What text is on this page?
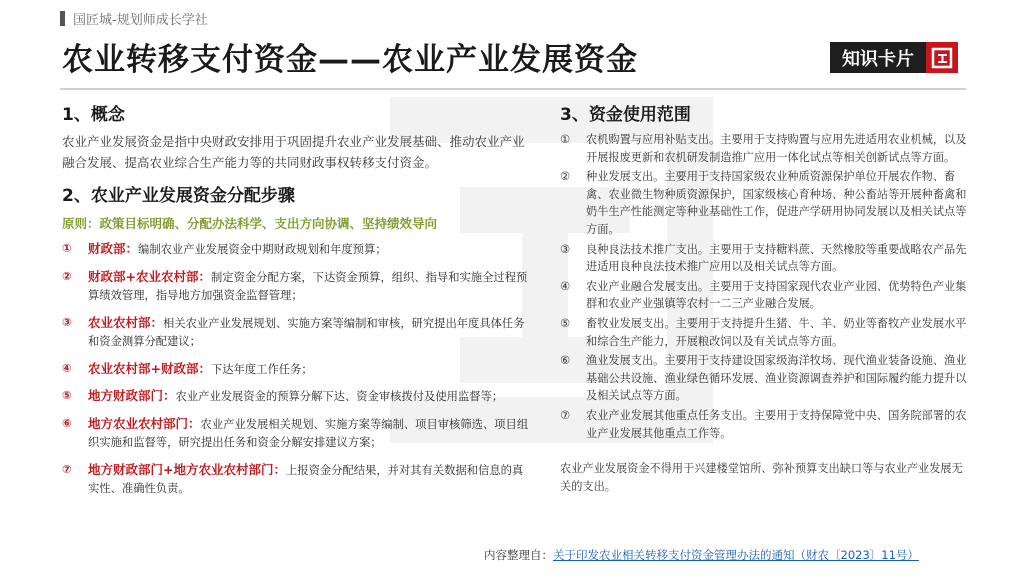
国匠城-规划师成长学社
农业转移支付资金——农业产业发展资金	知识卡片
1、概念

农业产业发展资金是指中央财政安排用于巩固提升农业产业发展基础、推动农业产业融合发展、提高农业综合生产能力等的共同财政事权转移支付资金。

2、农业产业发展资金分配步骤
原则：政策目标明确、分配办法科学、支出方向协调、坚持绩效导向
①	财政部：编制农业产业发展资金中期财政规划和年度预算；
②	财政部+农业农村部：制定资金分配方案，下达资金预算，组织、指导和实施全过程预算绩效管理，指导地方加强资金监督管理；
③	农业农村部：相关农业产业发展规划、实施方案等编制和审核，研究提出年度具体任务和资金测算分配建议；
④	农业农村部+财政部：下达年度工作任务；
⑤	地方财政部门：农业产业发展资金的预算分解下达、资金审核拨付及使用监督等；
⑥	地方农业农村部门：农业产业发展相关规划、实施方案等编制、项目审核筛选、项目组织实施和监督等，研究提出任务和资金分解安排建议方案；
⑦	地方财政部门+地方农业农村部门：上报资金分配结果，并对其有关数据和信息的真实性、准确性负责。
3、资金使用范围
①	农机购置与应用补贴支出。主要用于支持购置与应用先进适用农业机械，以及开展报废更新和农机研发制造推广应用一体化试点等相关创新试点等方面。
②	种业发展支出。主要用于支持国家级农业种质资源保护单位开展农作物、畜禽、农业微生物种质资源保护，国家级核心育种场、种公畜站等开展种畜禽和奶牛生产性能测定等种业基础性工作，促进产学研用协同发展以及相关试点等方面。
③	良种良法技术推广支出。主要用于支持糖料蔗、天然橡胶等重要战略农产品先进适用良种良法技术推广应用以及相关试点等方面。
④	农业产业融合发展支出。主要用于支持国家现代农业产业园、优势特色产业集群和农业产业强镇等农村一二三产业融合发展。
⑤	畜牧业发展支出。主要用于支持提升生猪、牛、羊、奶业等畜牧产业发展水平和综合生产能力，开展粮改饲以及有关试点等方面。
⑥	渔业发展支出。主要用于支持建设国家级海洋牧场、现代渔业装备设施、渔业基础公共设施、渔业绿色循环发展、渔业资源调查养护和国际履约能力提升以及相关试点等方面。
⑦	农业产业发展其他重点任务支出。主要用于支持保障党中央、国务院部署的农业产业发展其他重点工作等。
农业产业发展资金不得用于兴建楼堂馆所、弥补预算支出缺口等与农业产业发展无关的支出。
内容整理自：关于印发农业相关转移支付资金管理办法的通知（财农〔2023〕11号）
